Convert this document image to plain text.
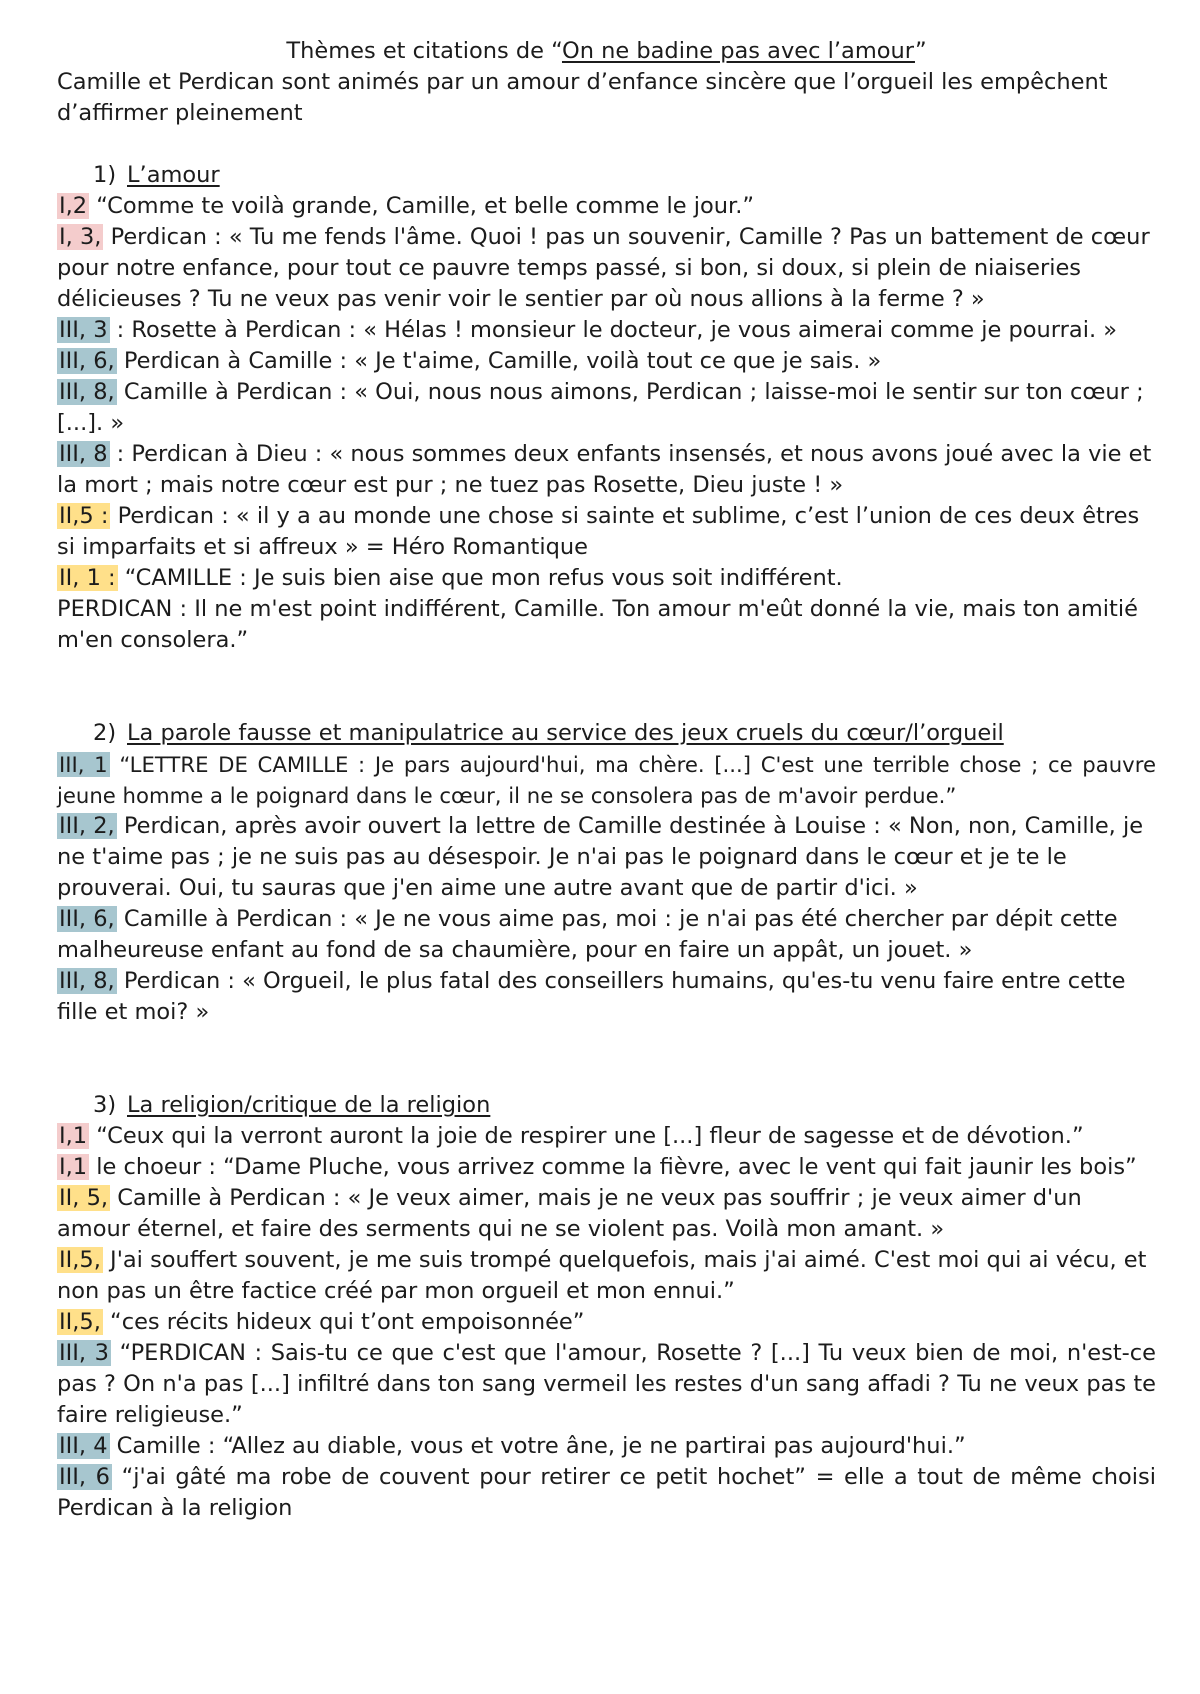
Thèmes et citations de “On ne badine pas avec l’amour”

Camille et Perdican sont animés par un amour d’enfance sincère que l’orgueil les empêchent d’affirmer pleinement

1) L’amour

I,2 “Comme te voilà grande, Camille, et belle comme le jour.”

I, 3, Perdican : « Tu me fends l'âme. Quoi ! pas un souvenir, Camille ? Pas un battement de cœur pour notre enfance, pour tout ce pauvre temps passé, si bon, si doux, si plein de niaiseries délicieuses ? Tu ne veux pas venir voir le sentier par où nous allions à la ferme ? »

III, 3 : Rosette à Perdican : « Hélas ! monsieur le docteur, je vous aimerai comme je pourrai. »

III, 6, Perdican à Camille : « Je t'aime, Camille, voilà tout ce que je sais. »

III, 8, Camille à Perdican : « Oui, nous nous aimons, Perdican ; laisse-moi le sentir sur ton cœur ; [...]. »

III, 8 : Perdican à Dieu : « nous sommes deux enfants insensés, et nous avons joué avec la vie et la mort ; mais notre cœur est pur ; ne tuez pas Rosette, Dieu juste ! »

II,5 : Perdican : « il y a au monde une chose si sainte et sublime, c’est l’union de ces deux êtres si imparfaits et si affreux » = Héro Romantique

II, 1 : “CAMILLE : Je suis bien aise que mon refus vous soit indifférent.

PERDICAN : Il ne m'est point indifférent, Camille. Ton amour m'eût donné la vie, mais ton amitié m'en consolera.”

2) La parole fausse et manipulatrice au service des jeux cruels du cœur/l’orgueil

III, 1 “LETTRE DE CAMILLE : Je pars aujourd'hui, ma chère. [...] C'est une terrible chose ; ce pauvre jeune homme a le poignard dans le cœur, il ne se consolera pas de m'avoir perdue.”

III, 2, Perdican, après avoir ouvert la lettre de Camille destinée à Louise : « Non, non, Camille, je ne t'aime pas ; je ne suis pas au désespoir. Je n'ai pas le poignard dans le cœur et je te le prouverai. Oui, tu sauras que j'en aime une autre avant que de partir d'ici. »

III, 6, Camille à Perdican : « Je ne vous aime pas, moi : je n'ai pas été chercher par dépit cette malheureuse enfant au fond de sa chaumière, pour en faire un appât, un jouet. »

III, 8, Perdican : « Orgueil, le plus fatal des conseillers humains, qu'es-tu venu faire entre cette fille et moi? »

3) La religion/critique de la religion

I,1 “Ceux qui la verront auront la joie de respirer une [...] fleur de sagesse et de dévotion.”

I,1 le choeur : “Dame Pluche, vous arrivez comme la fièvre, avec le vent qui fait jaunir les bois”

II, 5, Camille à Perdican : « Je veux aimer, mais je ne veux pas souffrir ; je veux aimer d'un amour éternel, et faire des serments qui ne se violent pas. Voilà mon amant. »

II,5, J'ai souffert souvent, je me suis trompé quelquefois, mais j'ai aimé. C'est moi qui ai vécu, et non pas un être factice créé par mon orgueil et mon ennui.”

II,5, “ces récits hideux qui t’ont empoisonnée”

III, 3 “PERDICAN : Sais-tu ce que c'est que l'amour, Rosette ? [...] Tu veux bien de moi, n'est-ce pas ? On n'a pas [...] infiltré dans ton sang vermeil les restes d'un sang affadi ? Tu ne veux pas te faire religieuse.”

III, 4 Camille : “Allez au diable, vous et votre âne, je ne partirai pas aujourd'hui.”

III, 6 “j'ai gâté ma robe de couvent pour retirer ce petit hochet” = elle a tout de même choisi Perdican à la religion
